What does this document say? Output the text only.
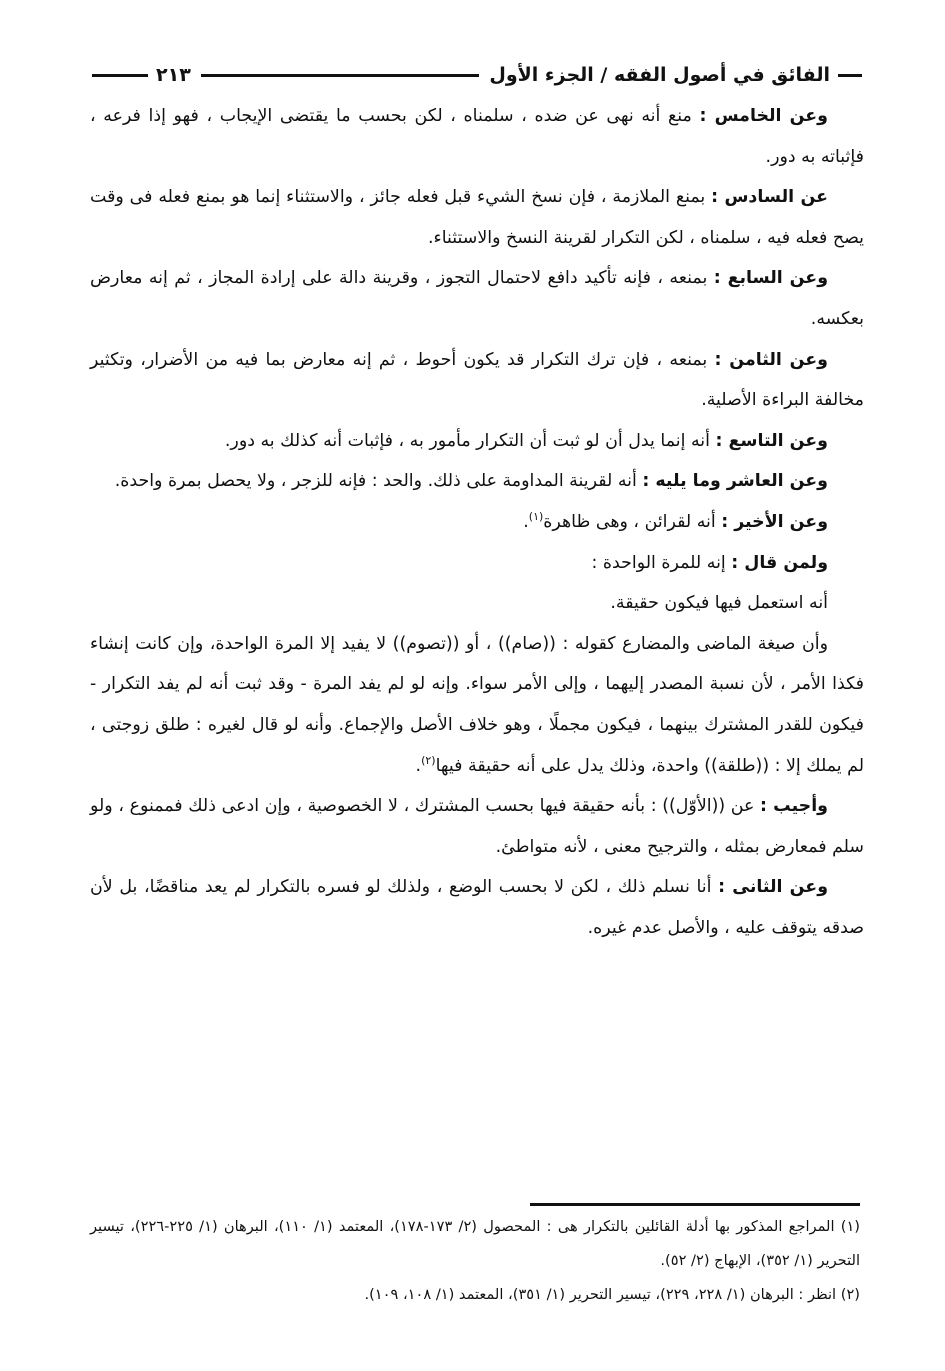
الفائق في أصول الفقه / الجزء الأول
٢١٣

وعن الخامس : منع أنه نهى عن ضده ، سلمناه ، لكن بحسب ما يقتضى الإيجاب ، فهو إذا فرعه ، فإثباته به دور.

عن السادس : بمنع الملازمة ، فإن نسخ الشيء قبل فعله جائز ، والاستثناء إنما هو بمنع فعله فى وقت يصح فعله فيه ، سلمناه ، لكن التكرار لقرينة النسخ والاستثناء.

وعن السابع : بمنعه ، فإنه تأكيد دافع لاحتمال التجوز ، وقرينة دالة على إرادة المجاز ، ثم إنه معارض بعكسه.

وعن الثامن : بمنعه ، فإن ترك التكرار قد يكون أحوط ، ثم إنه معارض بما فيه من الأضرار، وتكثير مخالفة البراءة الأصلية.

وعن التاسع : أنه إنما يدل أن لو ثبت أن التكرار مأمور به ، فإثبات أنه كذلك به دور.

وعن العاشر وما يليه : أنه لقرينة المداومة على ذلك. والحد : فإنه للزجر ، ولا يحصل بمرة واحدة.

وعن الأخير : أنه لقرائن ، وهى ظاهرة$^{(١)}$.

ولمن قال : إنه للمرة الواحدة :

أنه استعمل فيها فيكون حقيقة.

وأن صيغة الماضى والمضارع كقوله : ((صام)) ، أو ((تصوم)) لا يفيد إلا المرة الواحدة، وإن كانت إنشاء فكذا الأمر ، لأن نسبة المصدر إليهما ، وإلى الأمر سواء. وإنه لو لم يفد المرة - وقد ثبت أنه لم يفد التكرار - فيكون للقدر المشترك بينهما ، فيكون مجملًا ، وهو خلاف الأصل والإجماع. وأنه لو قال لغيره : طلق زوجتى ، لم يملك إلا : ((طلقة)) واحدة، وذلك يدل على أنه حقيقة فيها$^{(٢)}$.

وأجيب : عن ((الأوّل)) : بأنه حقيقة فيها بحسب المشترك ، لا الخصوصية ، وإن ادعى ذلك فممنوع ، ولو سلم فمعارض بمثله ، والترجيح معنى ، لأنه متواطئ.

وعن الثانى : أنا نسلم ذلك ، لكن لا بحسب الوضع ، ولذلك لو فسره بالتكرار لم يعد مناقضًا، بل لأن صدقه يتوقف عليه ، والأصل عدم غيره.

(١) المراجع المذكور بها أدلة القائلين بالتكرار هى : المحصول (٢/ ١٧٣-١٧٨)، المعتمد (١/ ١١٠)، البرهان (١/ ٢٢٥-٢٢٦)، تيسير التحرير (١/ ٣٥٢)، الإبهاج (٢/ ٥٢).

(٢) انظر : البرهان (١/ ٢٢٨، ٢٢٩)، تيسير التحرير (١/ ٣٥١)، المعتمد (١/ ١٠٨، ١٠٩).
